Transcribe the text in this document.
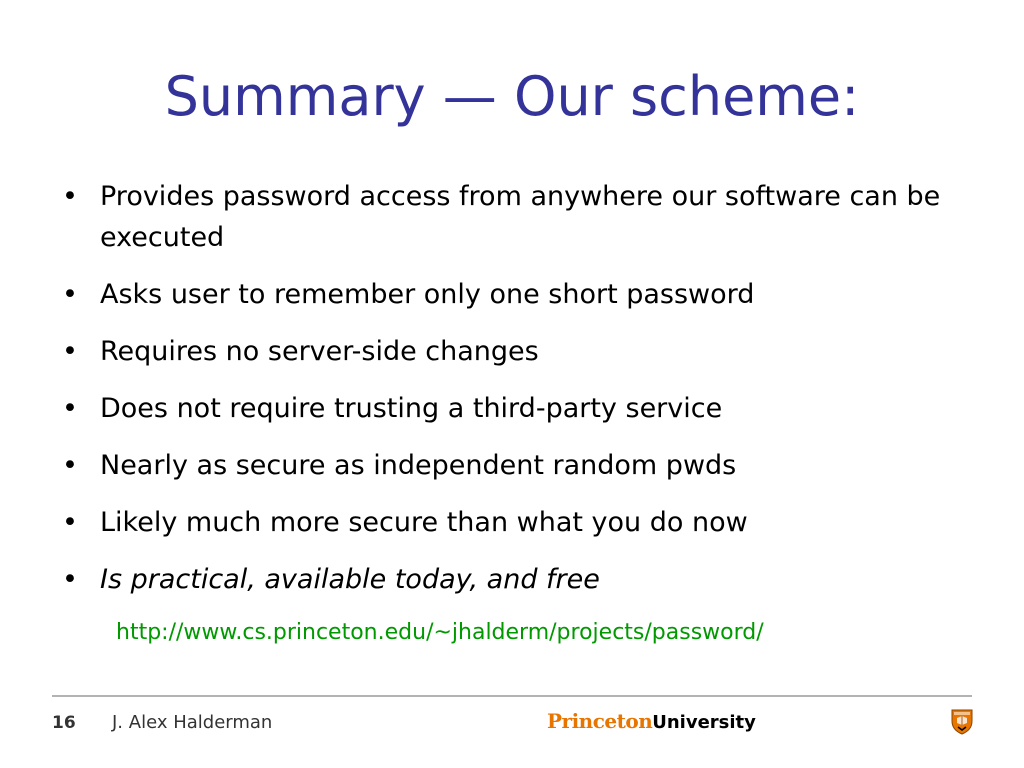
Summary — Our scheme:
• Provides password access from anywhere our software can be executed
• Asks user to remember only one short password
• Requires no server-side changes
• Does not require trusting a third-party service
• Nearly as secure as independent random pwds
• Likely much more secure than what you do now
• Is practical, available today, and free
http://www.cs.princeton.edu/~jhalderm/projects/password/
16 J. Alex Halderman	PrincetonUniversity
